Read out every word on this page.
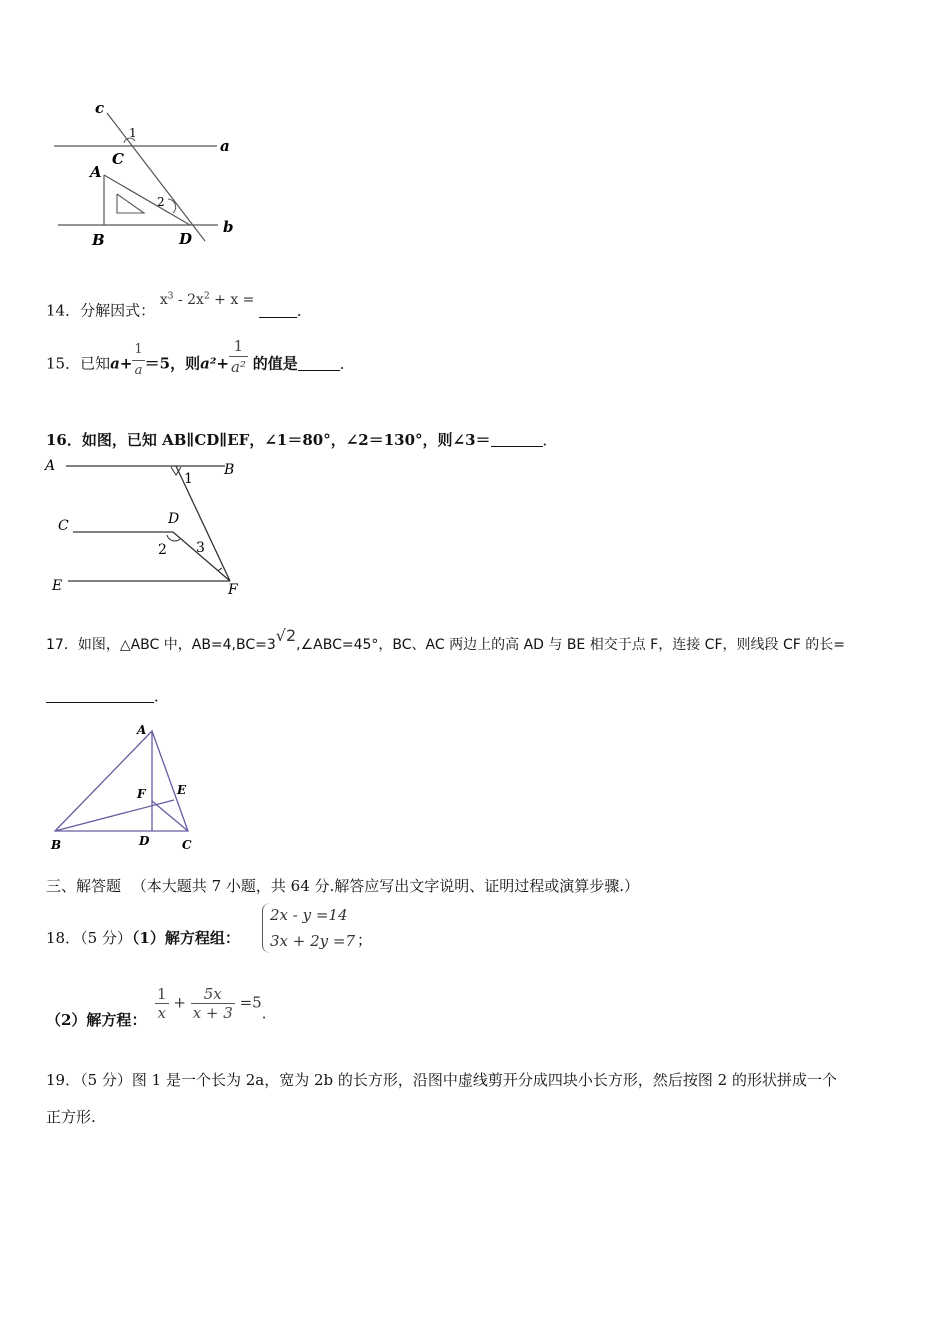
c
1
C
a
A
2
B	D
b
14．分解因式： $x^3 - 2x^2 + x$ = ．
15．已知$a+ \frac{1}{a} =5$，则$a^2+ \frac{1}{\text{a²}}$ 的值是	．
16．如图，已知 AB∥CD∥EF，∠1＝80°，∠2＝130°，则∠3＝	．
A	B
1
C	D
2 3
E	F
17．如图，△ABC 中，AB=4,BC=3√2,∠ABC=45°，BC、AC 两边上的高 AD 与 BE 相交于点 F，连接 CF，则线段 CF 的长=
．
A
F	E
B	D	C
三、解答题 （本大题共 7 小题，共 64 分.解答应写出文字说明、证明过程或演算步骤.）
18．（5 分）（1）解方程组：
2x - y =14
3x + 2y =7 ；
（2）解方程： $\frac{1}{x} + \frac{5x}{x + 3} =5$．
19．（5 分）图 1 是一个长为 2a，宽为 2b 的长方形，沿图中虚线剪开分成四块小长方形，然后按图 2 的形状拼成一个
正方形.
